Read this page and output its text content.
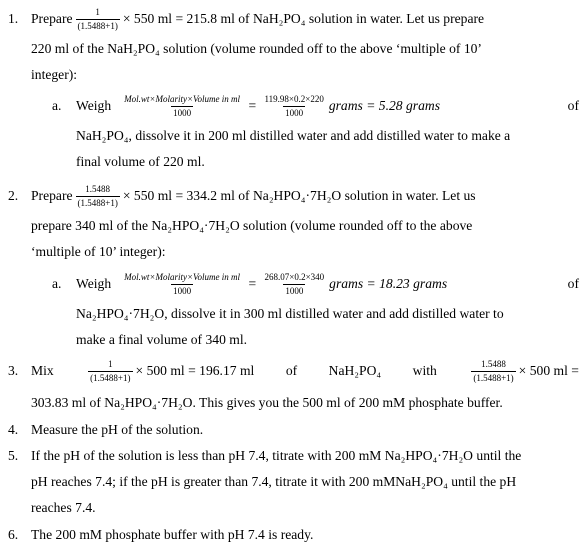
1. Prepare $\frac{1}{(1.5488+1)} \times 550$ ml = 215.8 ml of NaH₂PO₄ solution in water. Let us prepare
220 ml of the NaH₂PO₄ solution (volume rounded off to the above ‘multiple of 10’
integer):
a. Weigh $\frac{\text{Mol.wt×Molarity×Volume in ml}}{1000} = \frac{119.98\times 0.2\times 220}{1000}$ grams = 5.28 grams	of
NaH₂PO₄, dissolve it in 200 ml distilled water and add distilled water to make a
final volume of 220 ml.
2. Prepare $\frac{1.5488}{(1.5488+1)} \times 550$ ml = 334.2 ml of Na₂HPO₄·7H₂O solution in water. Let us
prepare 340 ml of the Na₂HPO₄·7H₂O solution (volume rounded off to the above
‘multiple of 10’ integer):
a. Weigh $\frac{\text{Mol.wt×Molarity×Volume in ml}}{1000} = \frac{268.07\times 0.2\times 340}{1000}$ grams = 18.23 grams	of
Na₂HPO₄·7H₂O, dissolve it in 300 ml distilled water and add distilled water to
make a final volume of 340 ml.
3. Mix	$\frac{1}{(1.5488+1)} \times 500$ ml = 196.17 ml of NaH₂PO₄ with	$\frac{1.5488}{(1.5488+1)} \times 500$ ml =
303.83 ml of Na₂HPO₄·7H₂O. This gives you the 500 ml of 200 mM phosphate buffer.
4. Measure the pH of the solution.
5. If the pH of the solution is less than pH 7.4, titrate with 200 mM Na₂HPO₄·7H₂O until the
pH reaches 7.4; if the pH is greater than 7.4, titrate it with 200 mMNaH₂PO₄ until the pH
reaches 7.4.
6. The 200 mM phosphate buffer with pH 7.4 is ready.
